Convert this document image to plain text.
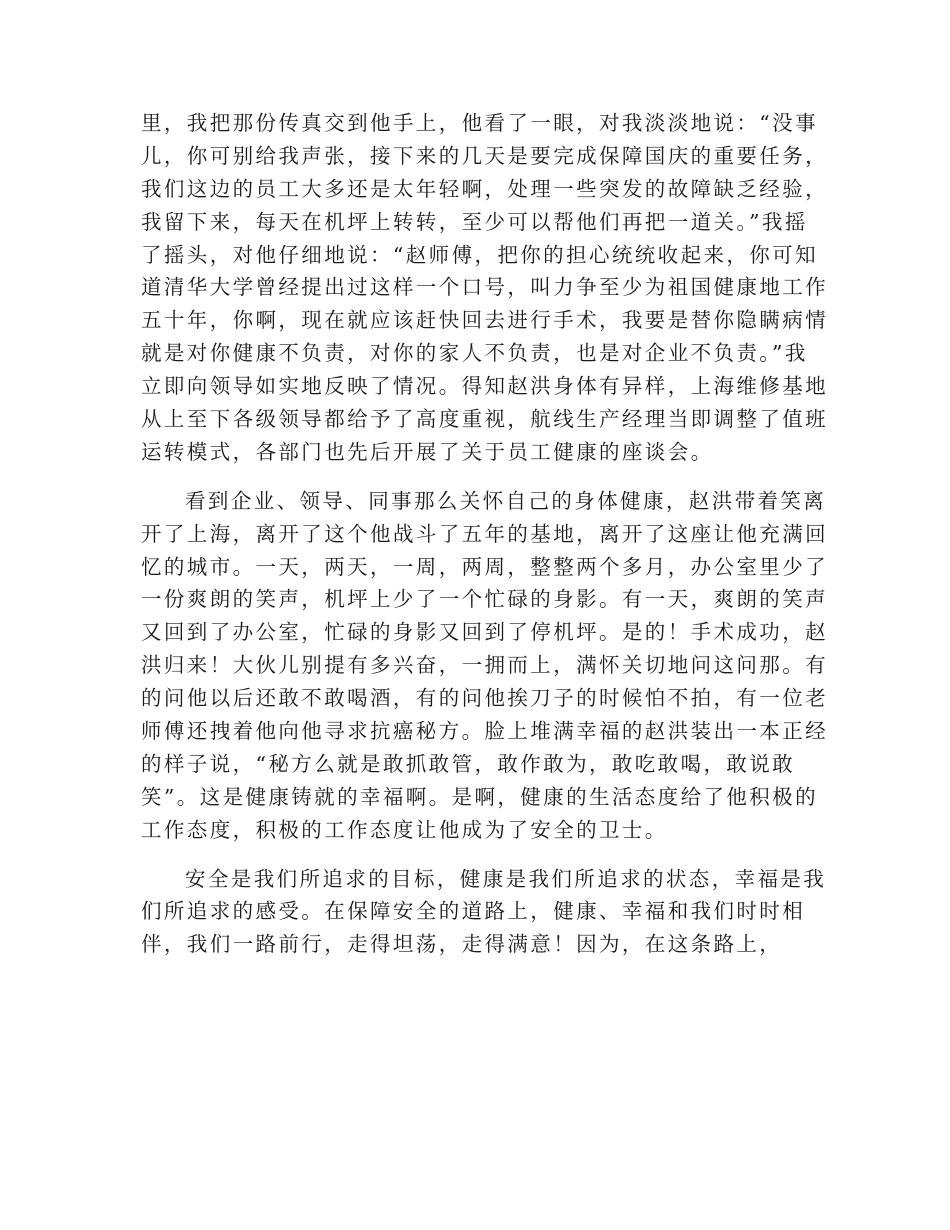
里，我把那份传真交到他手上，他看了一眼，对我淡淡地说：“没事
儿，你可别给我声张，接下来的几天是要完成保障国庆的重要任务，
我们这边的员工大多还是太年轻啊，处理一些突发的故障缺乏经验，
我留下来，每天在机坪上转转，至少可以帮他们再把一道关。”我摇
了摇头，对他仔细地说：“赵师傅，把你的担心统统收起来，你可知
道清华大学曾经提出过这样一个口号，叫力争至少为祖国健康地工作
五十年，你啊，现在就应该赶快回去进行手术，我要是替你隐瞒病情
就是对你健康不负责，对你的家人不负责，也是对企业不负责。”我
立即向领导如实地反映了情况。得知赵洪身体有异样，上海维修基地
从上至下各级领导都给予了高度重视，航线生产经理当即调整了值班
运转模式，各部门也先后开展了关于员工健康的座谈会。
看到企业、领导、同事那么关怀自己的身体健康，赵洪带着笑离
开了上海，离开了这个他战斗了五年的基地，离开了这座让他充满回
忆的城市。一天，两天，一周，两周，整整两个多月，办公室里少了
一份爽朗的笑声，机坪上少了一个忙碌的身影。有一天，爽朗的笑声
又回到了办公室，忙碌的身影又回到了停机坪。是的！手术成功，赵
洪归来！大伙儿别提有多兴奋，一拥而上，满怀关切地问这问那。有
的问他以后还敢不敢喝酒，有的问他挨刀子的时候怕不拍，有一位老
师傅还拽着他向他寻求抗癌秘方。脸上堆满幸福的赵洪装出一本正经
的样子说，“秘方么就是敢抓敢管，敢作敢为，敢吃敢喝，敢说敢
笑”。这是健康铸就的幸福啊。是啊，健康的生活态度给了他积极的
工作态度，积极的工作态度让他成为了安全的卫士。
安全是我们所追求的目标，健康是我们所追求的状态，幸福是我
们所追求的感受。在保障安全的道路上，健康、幸福和我们时时相
伴，我们一路前行，走得坦荡，走得满意！因为，在这条路上，
